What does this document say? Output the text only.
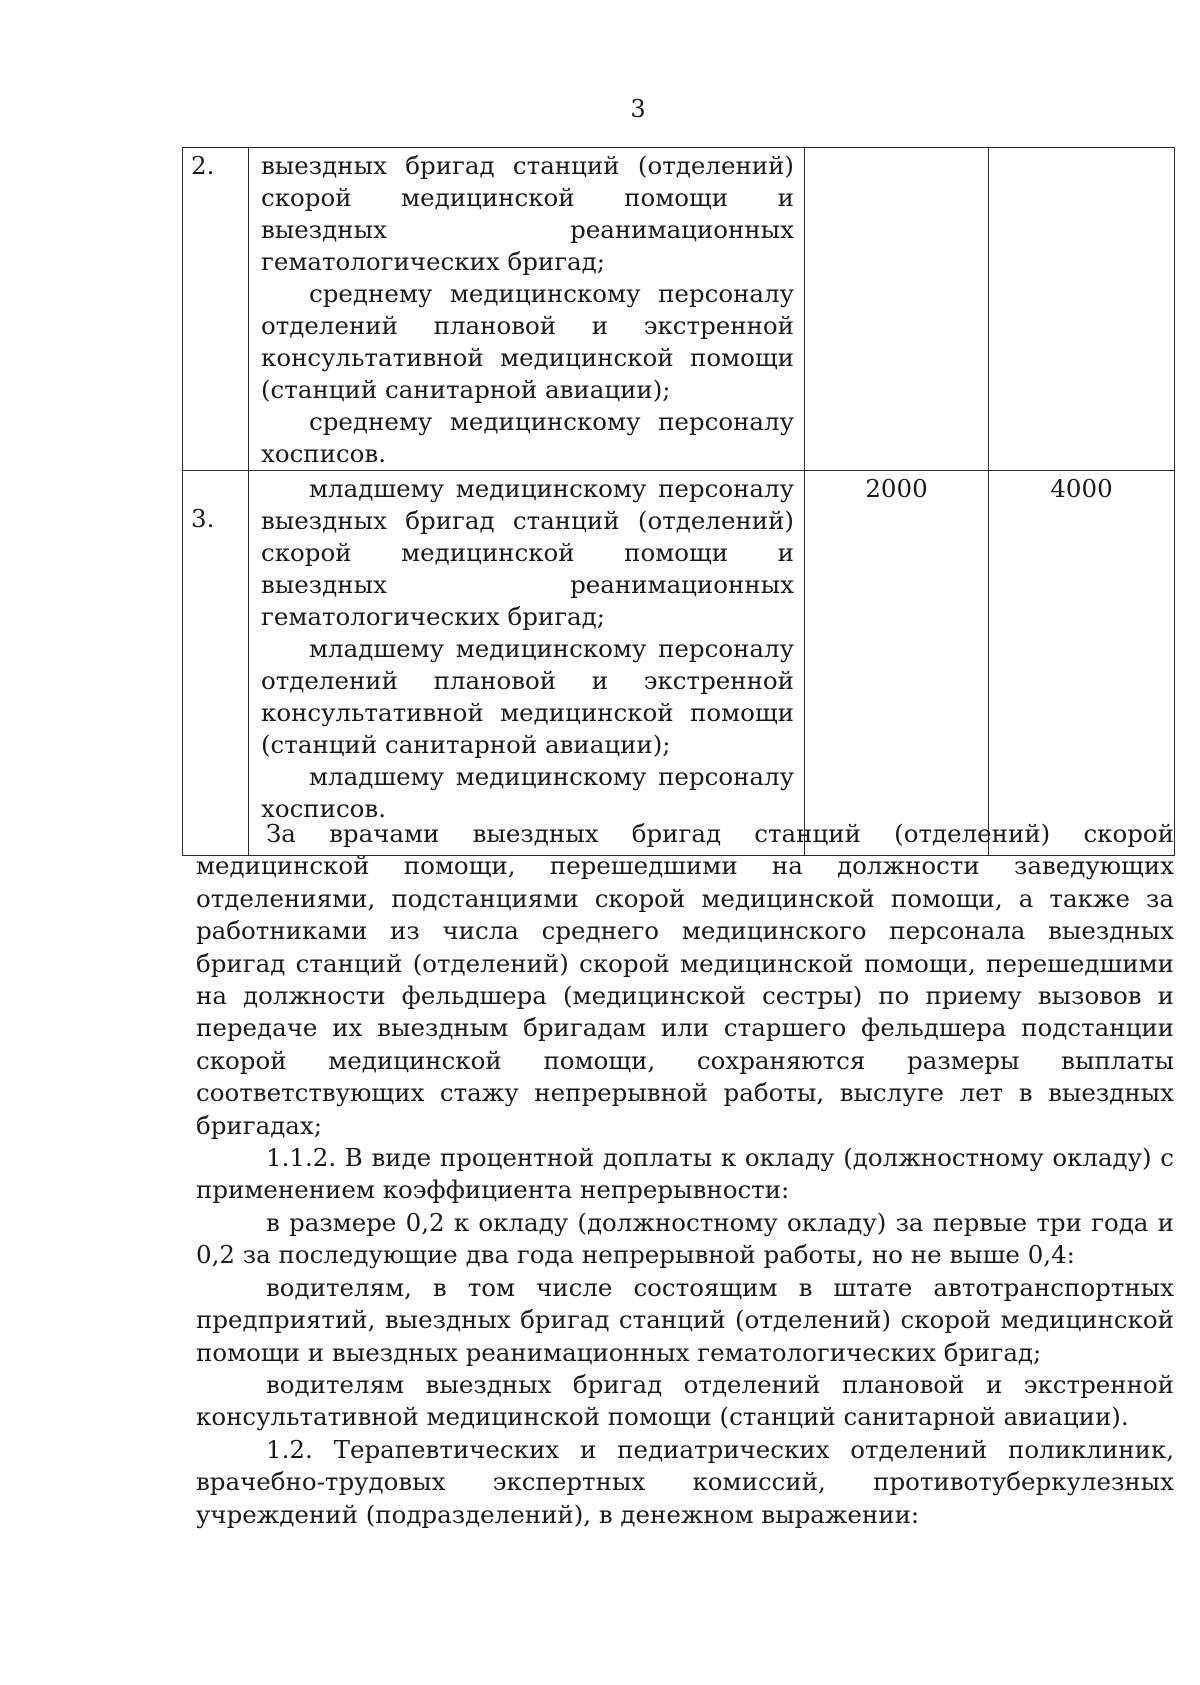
3
2.	выездных бригад станций (отделений) скорой медицинской помощи и выездных реанимационных гематологических бригад;

среднему медицинскому персоналу отделений плановой и экстренной консультативной медицинской помощи (станций санитарной авиации);

среднему медицинскому персоналу хосписов.		

3.	младшему медицинскому персоналу выездных бригад станций (отделений) скорой медицинской помощи и выездных реанимационных гематологических бригад;

младшему медицинскому персоналу отделений плановой и экстренной консультативной медицинской помощи (станций санитарной авиации);

младшему медицинскому персоналу хосписов.	2000	4000

За врачами выездных бригад станций (отделений) скорой медицинской помощи, перешедшими на должности заведующих отделениями, подстанциями скорой медицинской помощи, а также за работниками из числа среднего медицинского персонала выездных бригад станций (отделений) скорой медицинской помощи, перешедшими на должности фельдшера (медицинской сестры) по приему вызовов и передаче их выездным бригадам или старшего фельдшера подстанции скорой медицинской помощи, сохраняются размеры выплаты соответствующих стажу непрерывной работы, выслуге лет в выездных бригадах;

1.1.2. В виде процентной доплаты к окладу (должностному окладу) с применением коэффициента непрерывности:

в размере 0,2 к окладу (должностному окладу) за первые три года и 0,2 за последующие два года непрерывной работы, но не выше 0,4:

водителям, в том числе состоящим в штате автотранспортных предприятий, выездных бригад станций (отделений) скорой медицинской помощи и выездных реанимационных гематологических бригад;

водителям выездных бригад отделений плановой и экстренной консультативной медицинской помощи (станций санитарной авиации).

1.2. Терапевтических и педиатрических отделений поликлиник, врачебно-трудовых экспертных комиссий, противотуберкулезных учреждений (подразделений), в денежном выражении:
